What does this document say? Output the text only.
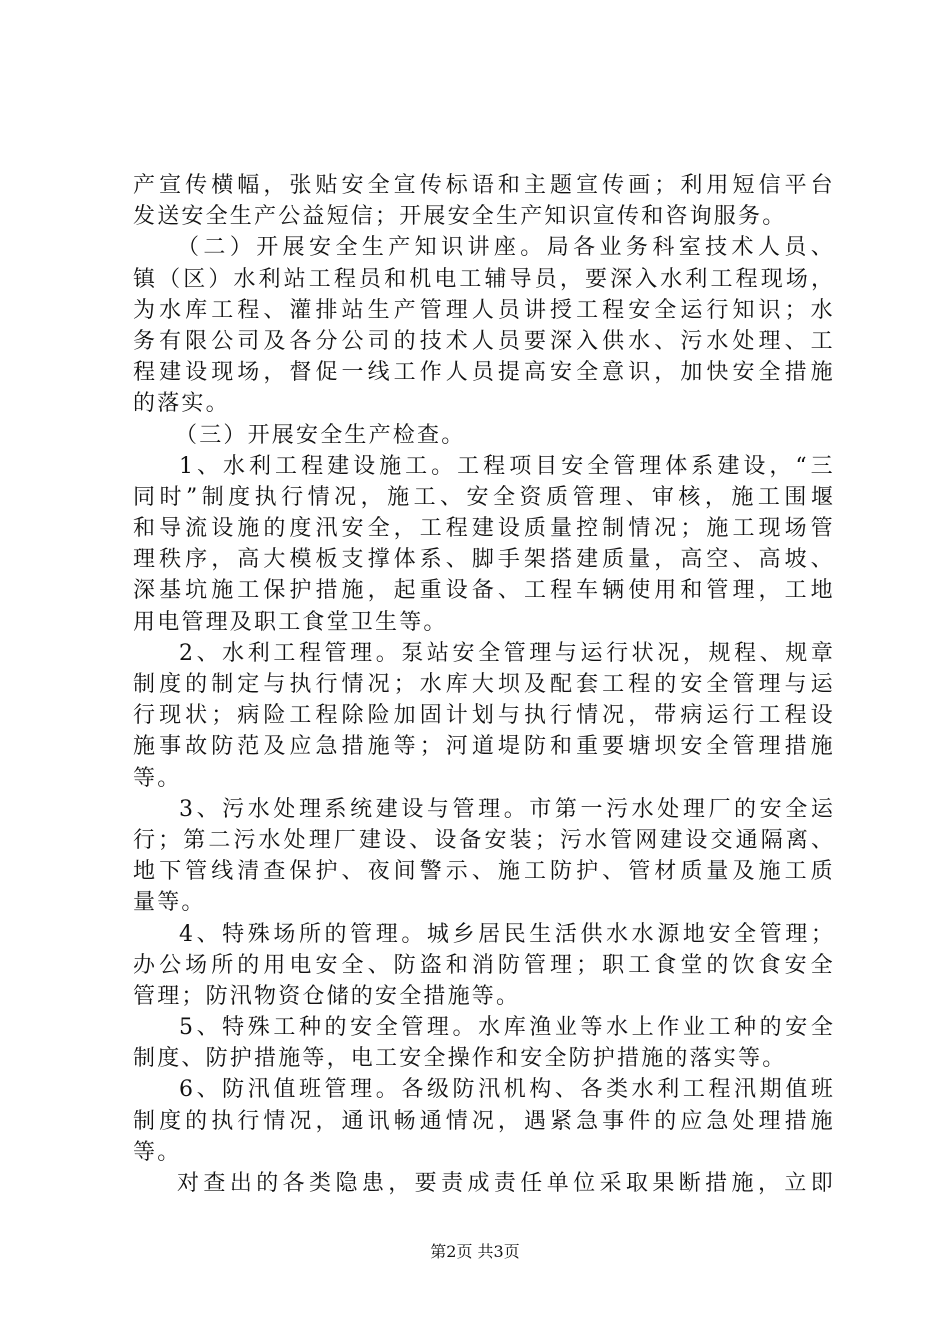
产 宣 传 横 幅 ， 张 贴 安 全 宣 传 标 语 和 主 题 宣 传 画 ； 利 用 短 信 平 台
发送安全生产公益短信；开展安全生产知识宣传和咨询服务。
（ 二 ） 开 展 安 全 生 产 知 识 讲 座 。 局 各 业 务 科 室 技 术 人 员 、
镇 （ 区 ） 水 利 站 工 程 员 和 机 电 工 辅 导 员 ， 要 深 入 水 利 工 程 现 场 ，
为 水 库 工 程 、 灌 排 站 生 产 管 理 人 员 讲 授 工 程 安 全 运 行 知 识 ； 水
务 有 限 公 司 及 各 分 公 司 的 技 术 人 员 要 深 入 供 水 、 污 水 处 理 、 工
程 建 设 现 场 ， 督 促 一 线 工 作 人 员 提 高 安 全 意 识 ， 加 快 安 全 措 施
的落实。
（三）开展安全生产检查。
1 、 水 利 工 程 建 设 施 工 。 工 程 项 目 安 全 管 理 体 系 建 设 ， “ 三
同 时 ” 制 度 执 行 情 况 ， 施 工 、 安 全 资 质 管 理 、 审 核 ， 施 工 围 堰
和 导 流 设 施 的 度 汛 安 全 ， 工 程 建 设 质 量 控 制 情 况 ； 施 工 现 场 管
理 秩 序 ， 高 大 模 板 支 撑 体 系 、 脚 手 架 搭 建 质 量 ， 高 空 、 高 坡 、
深 基 坑 施 工 保 护 措 施 ， 起 重 设 备 、 工 程 车 辆 使 用 和 管 理 ， 工 地
用电管理及职工食堂卫生等。
2 、 水 利 工 程 管 理 。 泵 站 安 全 管 理 与 运 行 状 况 ， 规 程 、 规 章
制 度 的 制 定 与 执 行 情 况 ； 水 库 大 坝 及 配 套 工 程 的 安 全 管 理 与 运
行 现 状 ； 病 险 工 程 除 险 加 固 计 划 与 执 行 情 况 ， 带 病 运 行 工 程 设
施 事 故 防 范 及 应 急 措 施 等 ； 河 道 堤 防 和 重 要 塘 坝 安 全 管 理 措 施
等。
3 、 污 水 处 理 系 统 建 设 与 管 理 。 市 第 一 污 水 处 理 厂 的 安 全 运
行 ； 第 二 污 水 处 理 厂 建 设 、 设 备 安 装 ； 污 水 管 网 建 设 交 通 隔 离 、
地 下 管 线 清 查 保 护 、 夜 间 警 示 、 施 工 防 护 、 管 材 质 量 及 施 工 质
量等。
4 、 特 殊 场 所 的 管 理 。 城 乡 居 民 生 活 供 水 水 源 地 安 全 管 理 ；
办 公 场 所 的 用 电 安 全 、 防 盗 和 消 防 管 理 ； 职 工 食 堂 的 饮 食 安 全
管理；防汛物资仓储的安全措施等。
5 、 特 殊 工 种 的 安 全 管 理 。 水 库 渔 业 等 水 上 作 业 工 种 的 安 全
制度、防护措施等，电工安全操作和安全防护措施的落实等。
6 、 防 汛 值 班 管 理 。 各 级 防 汛 机 构 、 各 类 水 利 工 程 汛 期 值 班
制 度 的 执 行 情 况 ， 通 讯 畅 通 情 况 ， 遇 紧 急 事 件 的 应 急 处 理 措 施
等。
对 查 出 的 各 类 隐 患 ， 要 责 成 责 任 单 位 采 取 果 断 措 施 ， 立 即
第2页 共3页
